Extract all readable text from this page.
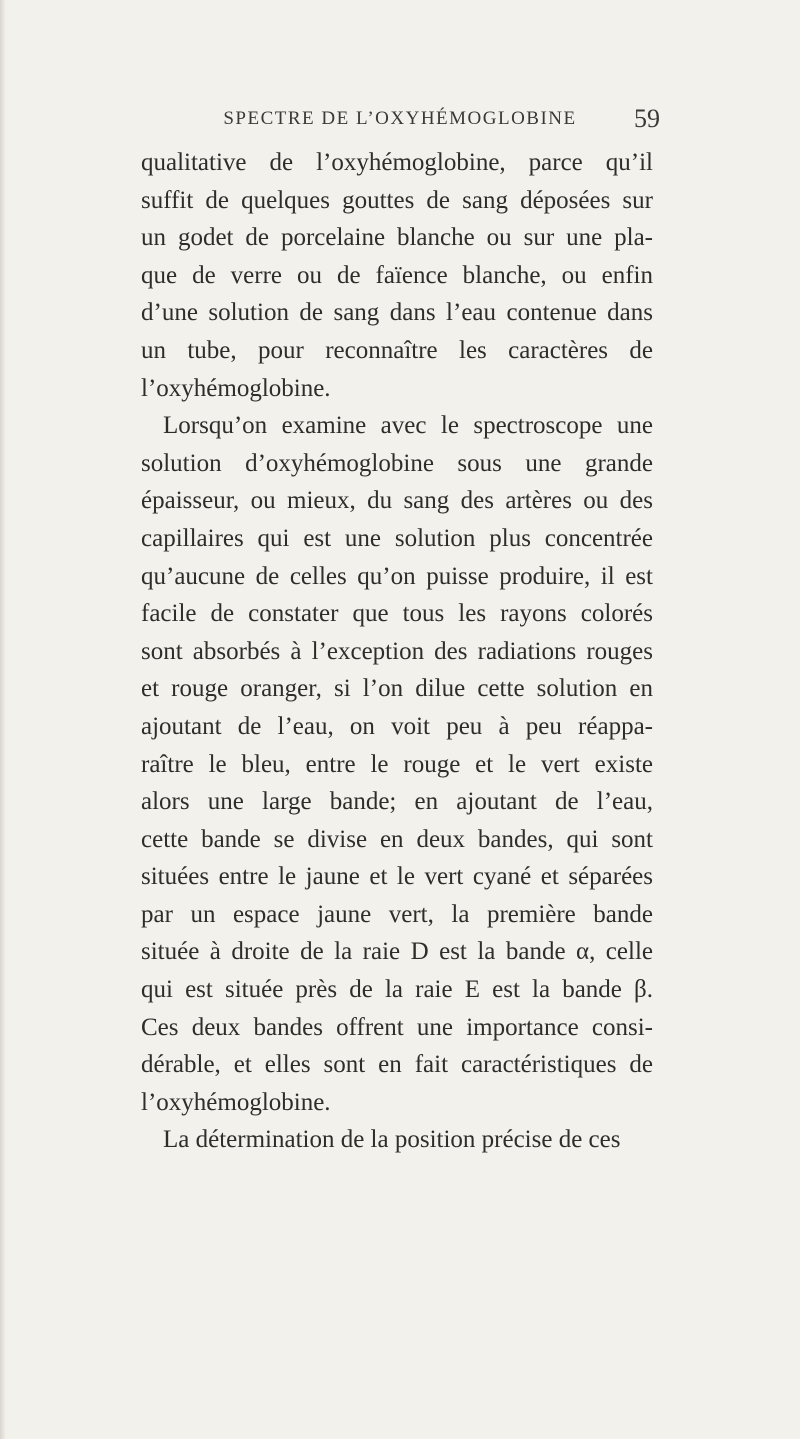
SPECTRE DE L’OXYHÉMOGLOBINE	59
qualitative de l’oxyhémoglobine, parce qu’il
suffit de quelques gouttes de sang déposées sur
un godet de porcelaine blanche ou sur une pla-
que de verre ou de faïence blanche, ou enfin
d’une solution de sang dans l’eau contenue dans
un tube, pour reconnaître les caractères de
l’oxyhémoglobine.
Lorsqu’on examine avec le spectroscope une
solution d’oxyhémoglobine sous une grande
épaisseur, ou mieux, du sang des artères ou des
capillaires qui est une solution plus concentrée
qu’aucune de celles qu’on puisse produire, il est
facile de constater que tous les rayons colorés
sont absorbés à l’exception des radiations rouges
et rouge oranger, si l’on dilue cette solution en
ajoutant de l’eau, on voit peu à peu réappa-
raître le bleu, entre le rouge et le vert existe
alors une large bande; en ajoutant de l’eau,
cette bande se divise en deux bandes, qui sont
situées entre le jaune et le vert cyané et séparées
par un espace jaune vert, la première bande
située à droite de la raie D est la bande α, celle
qui est située près de la raie E est la bande β.
Ces deux bandes offrent une importance consi-
dérable, et elles sont en fait caractéristiques de
l’oxyhémoglobine.
La détermination de la position précise de ces
